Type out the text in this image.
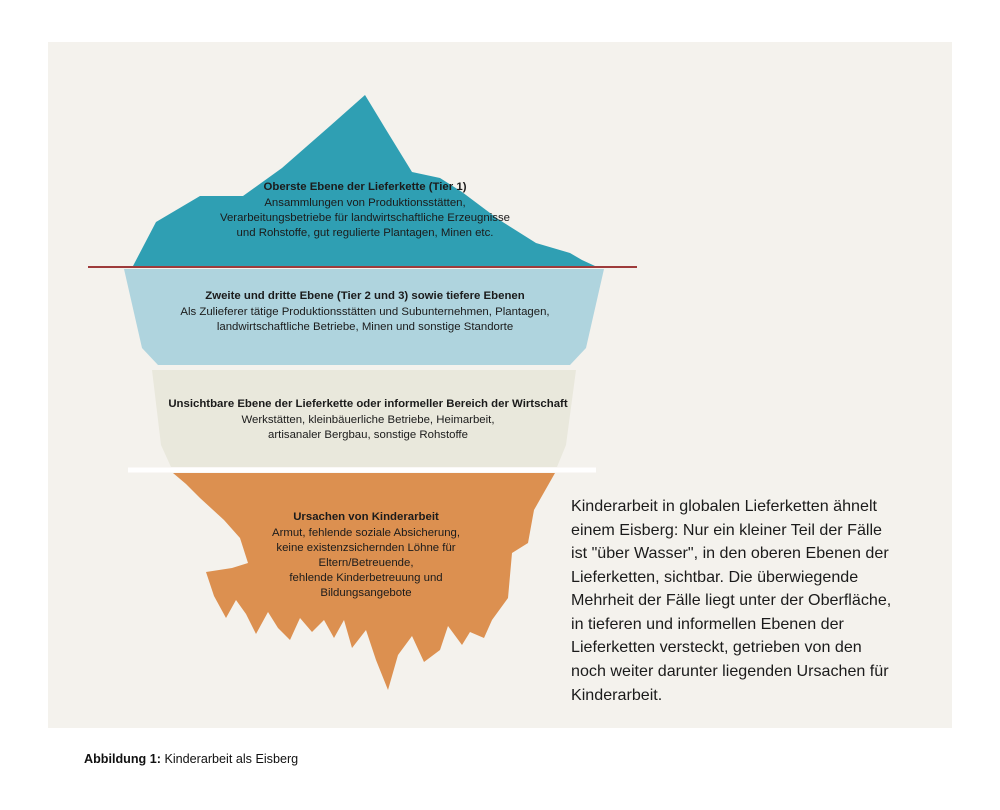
Oberste Ebene der Lieferkette (Tier 1)
Ansammlungen von Produktionsstätten,
Verarbeitungsbetriebe für landwirtschaftliche Erzeugnisse
und Rohstoffe, gut regulierte Plantagen, Minen etc.
Zweite und dritte Ebene (Tier 2 und 3) sowie tiefere Ebenen
Als Zulieferer tätige Produktionsstätten und Subunternehmen, Plantagen,
landwirtschaftliche Betriebe, Minen und sonstige Standorte
Unsichtbare Ebene der Lieferkette oder informeller Bereich der Wirtschaft
Werkstätten, kleinbäuerliche Betriebe, Heimarbeit,
artisanaler Bergbau, sonstige Rohstoffe
Ursachen von Kinderarbeit
Armut, fehlende soziale Absicherung,
keine existenzsichernden Löhne für
Eltern/Betreuende,
fehlende Kinderbetreuung und
Bildungsangebote
Kinderarbeit in globalen Lieferketten ähnelt einem Eisberg: Nur ein kleiner Teil der Fälle ist "über Wasser", in den oberen Ebenen der Lieferketten, sichtbar. Die überwiegende Mehrheit der Fälle liegt unter der Oberfläche, in tieferen und informellen Ebenen der Lieferketten versteckt, getrieben von den noch weiter darunter liegenden Ursachen für Kinderarbeit.
Abbildung 1: Kinderarbeit als Eisberg
